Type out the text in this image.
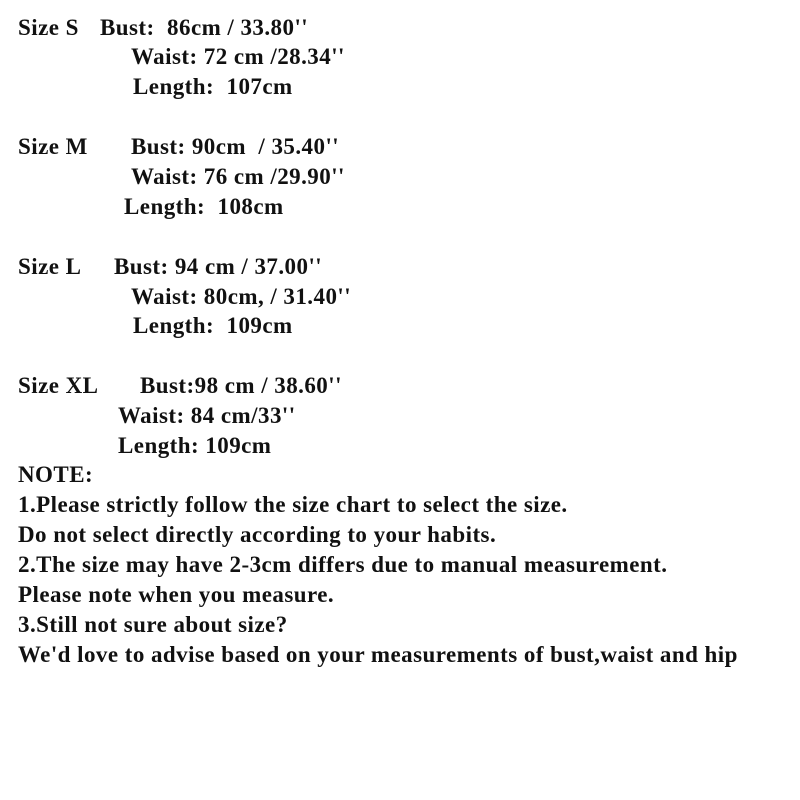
Size S Bust:  86cm / 33.80''
Waist: 72 cm /28.34''
Length:  107cm
Size M Bust: 90cm  / 35.40''
Waist: 76 cm /29.90''
Length:  108cm
Size L Bust: 94 cm / 37.00''
Waist: 80cm, / 31.40''
Length:  109cm
Size XL Bust:98 cm / 38.60''
Waist: 84 cm/33''
Length: 109cm
NOTE:
1.Please strictly follow the size chart to select the size.
Do not select directly according to your habits.
2.The size may have 2-3cm differs due to manual measurement.
Please note when you measure.
3.Still not sure about size?
We'd love to advise based on your measurements of bust,waist and hip
